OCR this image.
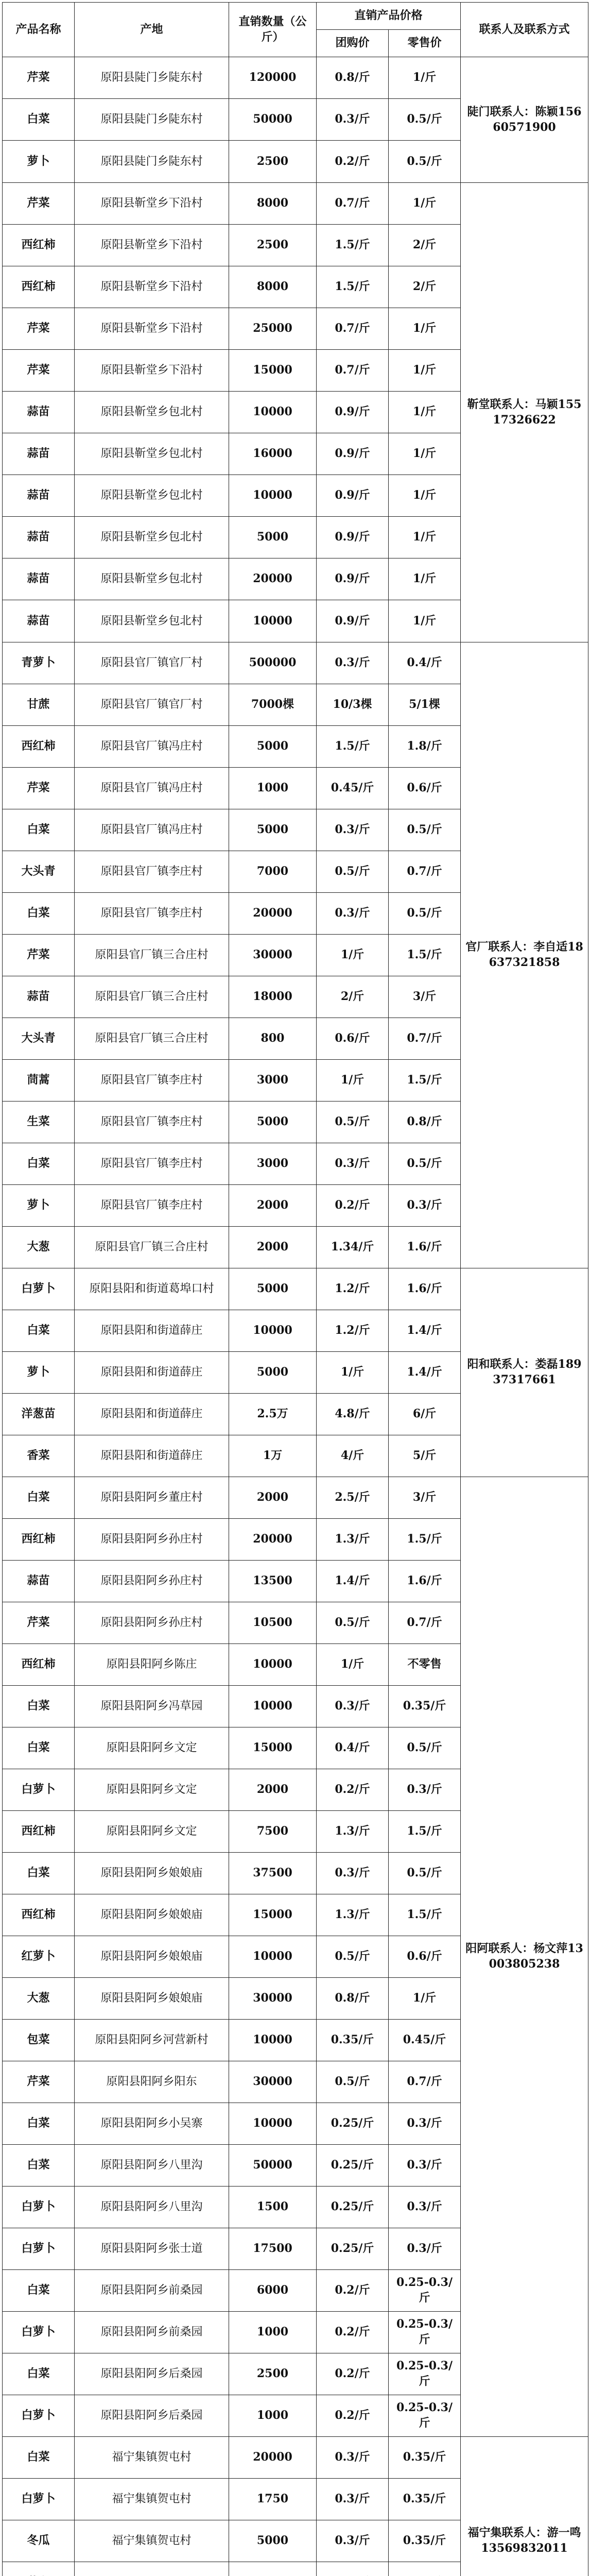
产品名称	产地	直销数量（公斤）	直销产品价格		联系人及联系方式
			团购价	零售价	
芹菜	原阳县陡门乡陡东村	120000	0.8/斤	1/斤	陡门联系人：陈颖15660571900
白菜	原阳县陡门乡陡东村	50000	0.3/斤	0.5/斤	
萝卜	原阳县陡门乡陡东村	2500	0.2/斤	0.5/斤	
芹菜	原阳县靳堂乡下沿村	8000	0.7/斤	1/斤	靳堂联系人：马颖15517326622
西红柿	原阳县靳堂乡下沿村	2500	1.5/斤	2/斤	
西红柿	原阳县靳堂乡下沿村	8000	1.5/斤	2/斤	
芹菜	原阳县靳堂乡下沿村	25000	0.7/斤	1/斤	
芹菜	原阳县靳堂乡下沿村	15000	0.7/斤	1/斤	
蒜苗	原阳县靳堂乡包北村	10000	0.9/斤	1/斤	
蒜苗	原阳县靳堂乡包北村	16000	0.9/斤	1/斤	
蒜苗	原阳县靳堂乡包北村	10000	0.9/斤	1/斤	
蒜苗	原阳县靳堂乡包北村	5000	0.9/斤	1/斤	
蒜苗	原阳县靳堂乡包北村	20000	0.9/斤	1/斤	
蒜苗	原阳县靳堂乡包北村	10000	0.9/斤	1/斤	
青萝卜	原阳县官厂镇官厂村	500000	0.3/斤	0.4/斤	官厂联系人：李自适18637321858
甘蔗	原阳县官厂镇官厂村	7000棵	10/3棵	5/1棵	
西红柿	原阳县官厂镇冯庄村	5000	1.5/斤	1.8/斤	
芹菜	原阳县官厂镇冯庄村	1000	0.45/斤	0.6/斤	
白菜	原阳县官厂镇冯庄村	5000	0.3/斤	0.5/斤	
大头青	原阳县官厂镇李庄村	7000	0.5/斤	0.7/斤	
白菜	原阳县官厂镇李庄村	20000	0.3/斤	0.5/斤	
芹菜	原阳县官厂镇三合庄村	30000	1/斤	1.5/斤	
蒜苗	原阳县官厂镇三合庄村	18000	2/斤	3/斤	
大头青	原阳县官厂镇三合庄村	800	0.6/斤	0.7/斤	
茼蒿	原阳县官厂镇李庄村	3000	1/斤	1.5/斤	
生菜	原阳县官厂镇李庄村	5000	0.5/斤	0.8/斤	
白菜	原阳县官厂镇李庄村	3000	0.3/斤	0.5/斤	
萝卜	原阳县官厂镇李庄村	2000	0.2/斤	0.3/斤	
大葱	原阳县官厂镇三合庄村	2000	1.34/斤	1.6/斤	
白萝卜	原阳县阳和街道葛埠口村	5000	1.2/斤	1.6/斤	阳和联系人：娄磊18937317661
白菜	原阳县阳和街道薛庄	10000	1.2/斤	1.4/斤	
萝卜	原阳县阳和街道薛庄	5000	1/斤	1.4/斤	
洋葱苗	原阳县阳和街道薛庄	2.5万	4.8/斤	6/斤	
香菜	原阳县阳和街道薛庄	1万	4/斤	5/斤	
白菜	原阳县阳阿乡董庄村	2000	2.5/斤	3/斤	阳阿联系人：杨文萍13003805238
西红柿	原阳县阳阿乡孙庄村	20000	1.3/斤	1.5/斤	
蒜苗	原阳县阳阿乡孙庄村	13500	1.4/斤	1.6/斤	
芹菜	原阳县阳阿乡孙庄村	10500	0.5/斤	0.7/斤	
西红柿	原阳县阳阿乡陈庄	10000	1/斤	不零售	
白菜	原阳县阳阿乡冯草园	10000	0.3/斤	0.35/斤	
白菜	原阳县阳阿乡文定	15000	0.4/斤	0.5/斤	
白萝卜	原阳县阳阿乡文定	2000	0.2/斤	0.3/斤	
西红柿	原阳县阳阿乡文定	7500	1.3/斤	1.5/斤	
白菜	原阳县阳阿乡娘娘庙	37500	0.3/斤	0.5/斤	
西红柿	原阳县阳阿乡娘娘庙	15000	1.3/斤	1.5/斤	
红萝卜	原阳县阳阿乡娘娘庙	10000	0.5/斤	0.6/斤	
大葱	原阳县阳阿乡娘娘庙	30000	0.8/斤	1/斤	
包菜	原阳县阳阿乡河营新村	10000	0.35/斤	0.45/斤	
芹菜	原阳县阳阿乡阳东	30000	0.5/斤	0.7/斤	
白菜	原阳县阳阿乡小吴寨	10000	0.25/斤	0.3/斤	
白菜	原阳县阳阿乡八里沟	50000	0.25/斤	0.3/斤	
白萝卜	原阳县阳阿乡八里沟	1500	0.25/斤	0.3/斤	
白萝卜	原阳县阳阿乡张士道	17500	0.25/斤	0.3/斤	
白菜	原阳县阳阿乡前桑园	6000	0.2/斤	0.25-0.3/斤	
白萝卜	原阳县阳阿乡前桑园	1000	0.2/斤	0.25-0.3/斤	
白菜	原阳县阳阿乡后桑园	2500	0.2/斤	0.25-0.3/斤	
白萝卜	原阳县阳阿乡后桑园	1000	0.2/斤	0.25-0.3/斤	
白菜	福宁集镇贺屯村	20000	0.3/斤	0.35/斤	福宁集联系人：游一鸣13569832011
白萝卜	福宁集镇贺屯村	1750	0.3/斤	0.35/斤	
冬瓜	福宁集镇贺屯村	5000	0.3/斤	0.35/斤	
